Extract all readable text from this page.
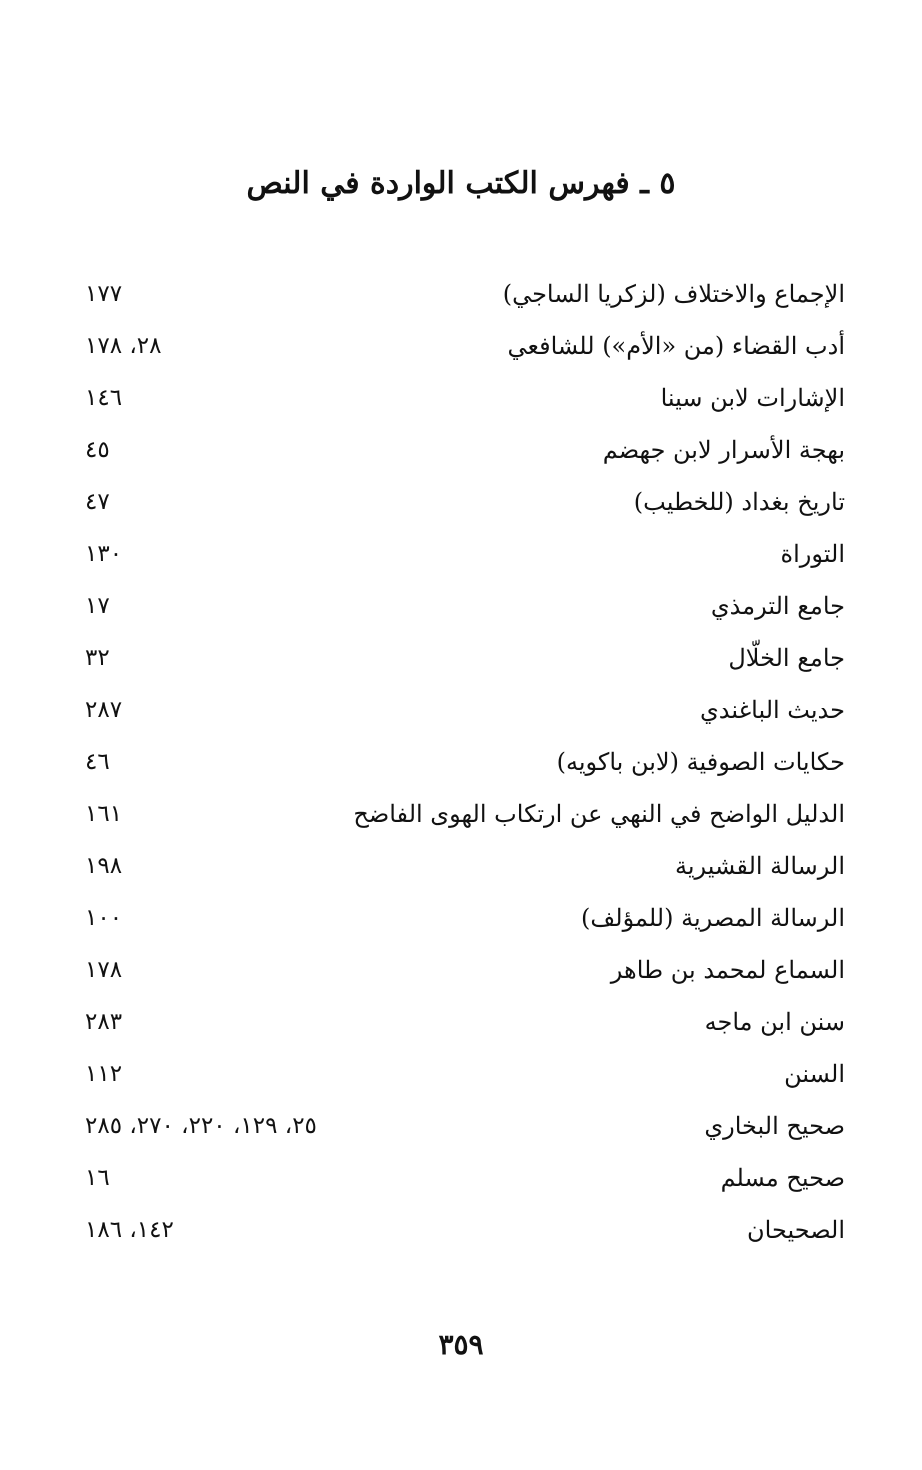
٥ ـ فهرس الكتب الواردة في النص
الإجماع والاختلاف (لزكريا الساجي)
١٧٧
أدب القضاء (من «الأم») للشافعي
٢٨، ١٧٨
الإشارات لابن سينا
١٤٦
بهجة الأسرار لابن جهضم
٤٥
تاريخ بغداد (للخطيب)
٤٧
التوراة
١٣٠
جامع الترمذي
١٧
جامع الخلّال
٣٢
حديث الباغندي
٢٨٧
حكايات الصوفية (لابن باكويه)
٤٦
الدليل الواضح في النهي عن ارتكاب الهوى الفاضح
١٦١
الرسالة القشيرية
١٩٨
الرسالة المصرية (للمؤلف)
١٠٠
السماع لمحمد بن طاهر
١٧٨
سنن ابن ماجه
٢٨٣
السنن
١١٢
صحيح البخاري
٢٥، ١٢٩، ٢٢٠، ٢٧٠، ٢٨٥
صحيح مسلم
١٦
الصحيحان
١٤٢، ١٨٦
٣٥٩
